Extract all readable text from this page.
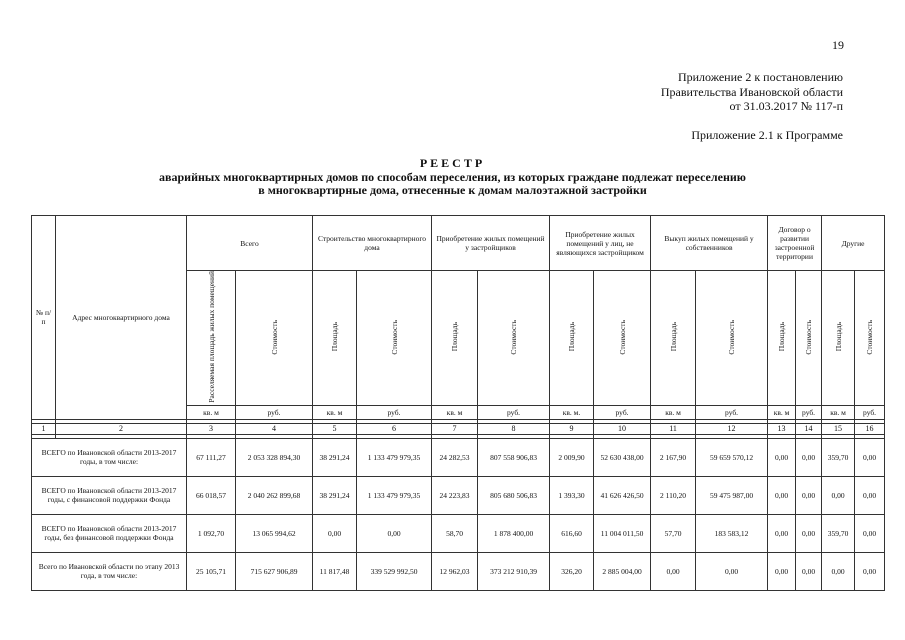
19
Приложение 2 к постановлению
Правительства Ивановской области
от 31.03.2017 № 117-п
Приложение 2.1 к Программе
РЕЕСТР
аварийных многоквартирных домов по способам переселения, из которых граждане подлежат переселению
в многоквартирные дома, отнесенные к домам малоэтажной застройки
№ п/п	Адрес многоквартирного дома	Всего		Строительство многоквартирного дома		Приобретение жилых помещений у застройщиков		Приобретение жилых помещений у лиц, не являющихся застройщиком		Выкуп жилых помещений у собственников		Договор о развитии застроенной территории		Другие	
		Расселяемая площадь жилых помещений	Стоимость	Площадь	Стоимость	Площадь	Стоимость	Площадь	Стоимость	Площадь	Стоимость	Площадь	Стоимость	Площадь	Стоимость
		кв. м	руб.	кв. м	руб.	кв. м	руб.	кв. м.	руб.	кв. м	руб.	кв. м	руб.	кв. м	руб.

1	2	3	4	5	6	7	8	9	10	11	12	13	14	15	16

ВСЕГО по Ивановской области 2013-2017 годы, в том числе:		67 111,27	2 053 328 894,30	38 291,24	1 133 479 979,35	24 282,53	807 558 906,83	2 009,90	52 630 438,00	2 167,90	59 659 570,12	0,00	0,00	359,70	0,00
ВСЕГО по Ивановской области 2013-2017 годы, с финансовой поддержки Фонда		66 018,57	2 040 262 899,68	38 291,24	1 133 479 979,35	24 223,83	805 680 506,83	1 393,30	41 626 426,50	2 110,20	59 475 987,00	0,00	0,00	0,00	0,00
ВСЕГО по Ивановской области 2013-2017 годы, без финансовой поддержки Фонда		1 092,70	13 065 994,62	0,00	0,00	58,70	1 878 400,00	616,60	11 004 011,50	57,70	183 583,12	0,00	0,00	359,70	0,00
Всего по Ивановской области по этапу 2013 года, в том числе:		25 105,71	715 627 906,89	11 817,48	339 529 992,50	12 962,03	373 212 910,39	326,20	2 885 004,00	0,00	0,00	0,00	0,00	0,00	0,00
